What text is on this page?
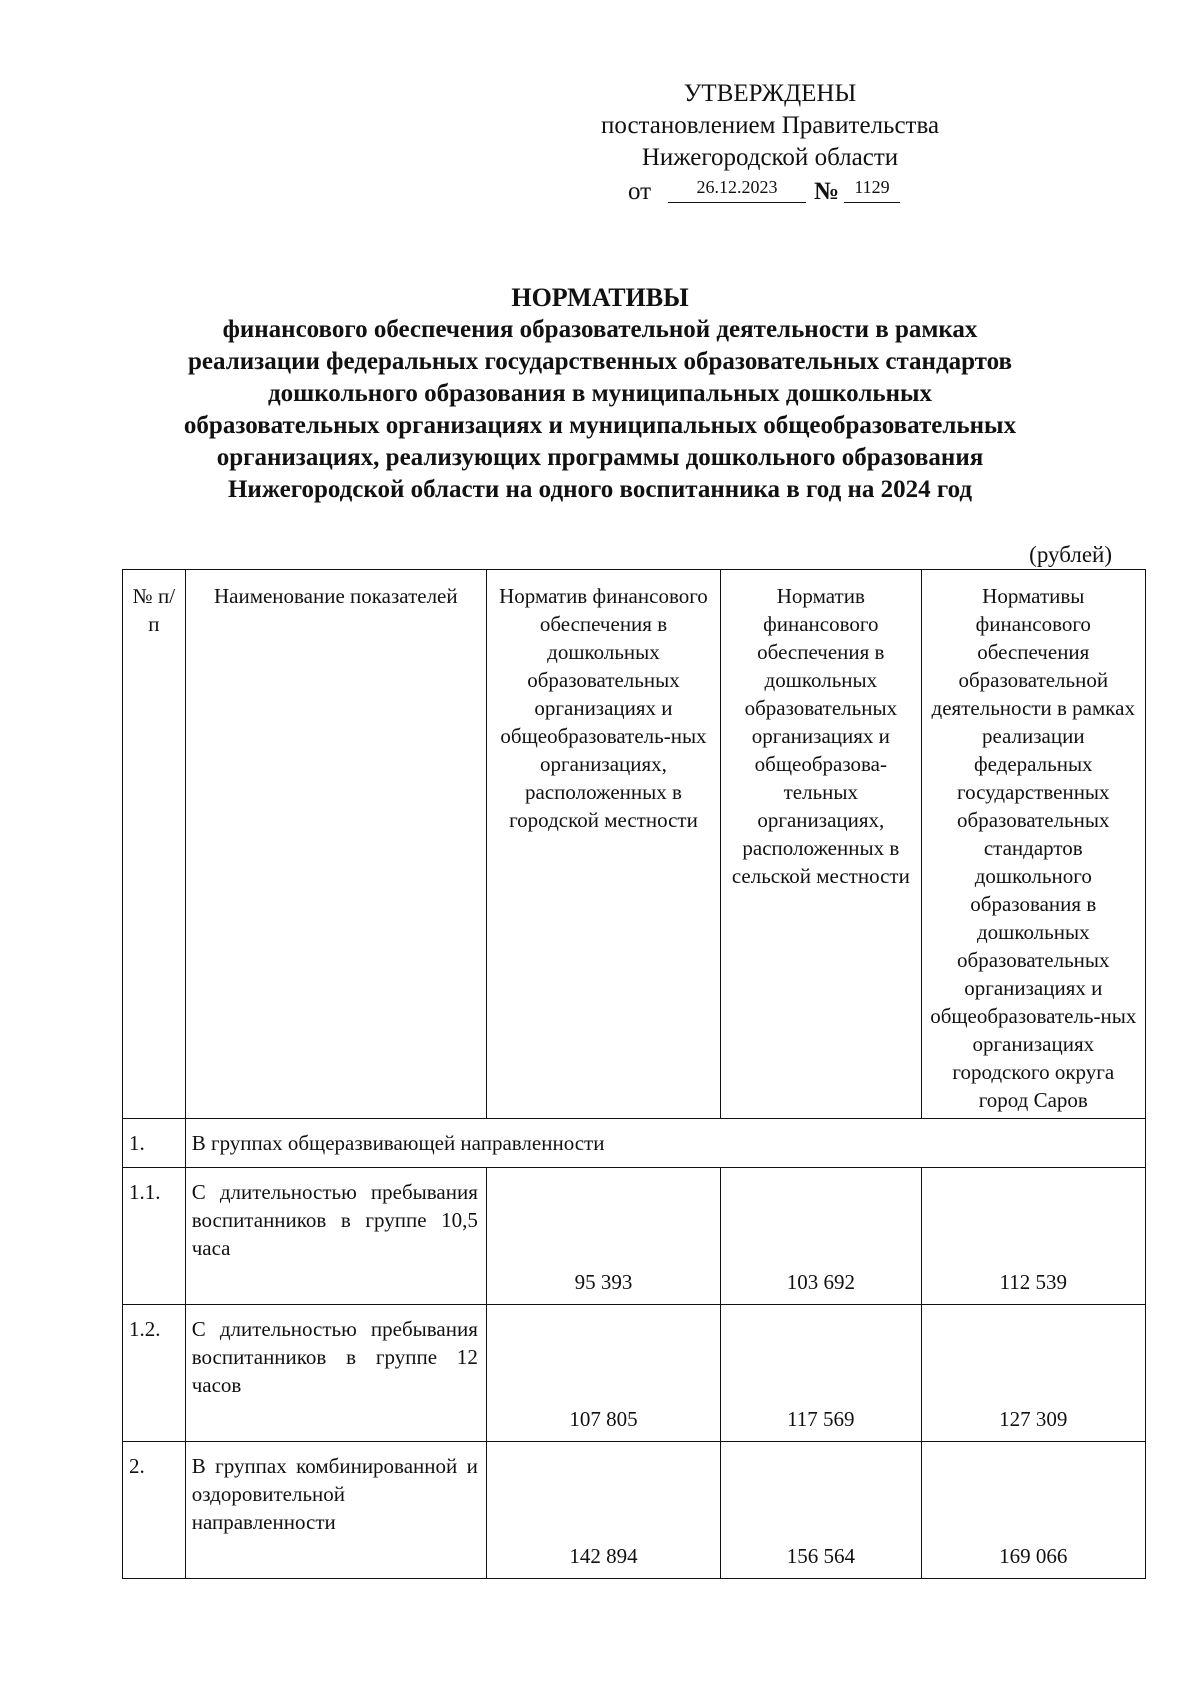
УТВЕРЖДЕНЫ
постановлением Правительства
Нижегородской области
от	26.12.2023	№ 1129
НОРМАТИВЫ
финансового обеспечения образовательной деятельности в рамках
реализации федеральных государственных образовательных стандартов
дошкольного образования в муниципальных дошкольных
образовательных организациях и муниципальных общеобразовательных
организациях, реализующих программы дошкольного образования
Нижегородской области на одного воспитанника в год на 2024 год
(рублей)
№ п/п	Наименование показателей	Норматив финансового обеспечения в дошкольных образовательных организациях и общеобразователь-ных организациях, расположенных в городской местности	Норматив финансового обеспечения в дошкольных образовательных организациях и общеобразова-тельных организациях, расположенных в сельской местности	Нормативы финансового обеспечения образовательной деятельности в рамках реализации федеральных государственных образовательных стандартов дошкольного образования в дошкольных образовательных организациях и общеобразователь-ных организациях городского округа город Саров
1.	В группах общеразвивающей направленности			
1.1.	С длительностью пребывания воспитанников в группе 10,5 часа	95 393	103 692	112 539
1.2.	С длительностью пребывания воспитанников в группе 12 часов	107 805	117 569	127 309
2.	В группах комбинированной и оздоровительной направленности	142 894	156 564	169 066
